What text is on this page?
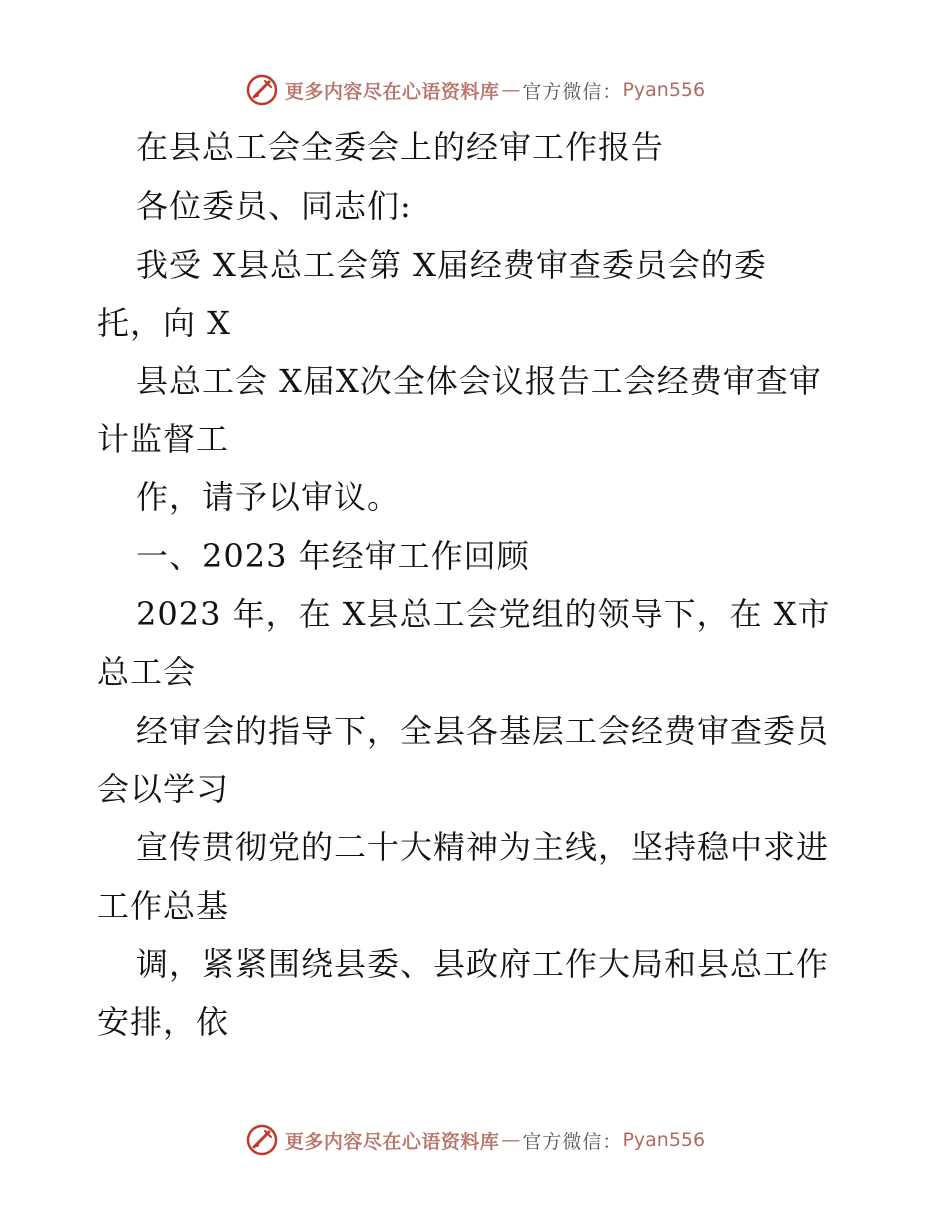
更多内容尽在心语资料库 — 官方微信： Pyan556
在县总工会全委会上的经审工作报告
各位委员、同志们:
我受 X县总工会第 X届经费审查委员会的委
托，向 X
县总工会 X届X次全体会议报告工会经费审查审
计监督工
作，请予以审议。
一、2023 年经审工作回顾
2023 年，在 X县总工会党组的领导下，在 X市
总工会
经审会的指导下，全县各基层工会经费审查委员
会以学习
宣传贯彻党的二十大精神为主线，坚持稳中求进
工作总基
调，紧紧围绕县委、县政府工作大局和县总工作
安排，依
更多内容尽在心语资料库 — 官方微信： Pyan556
